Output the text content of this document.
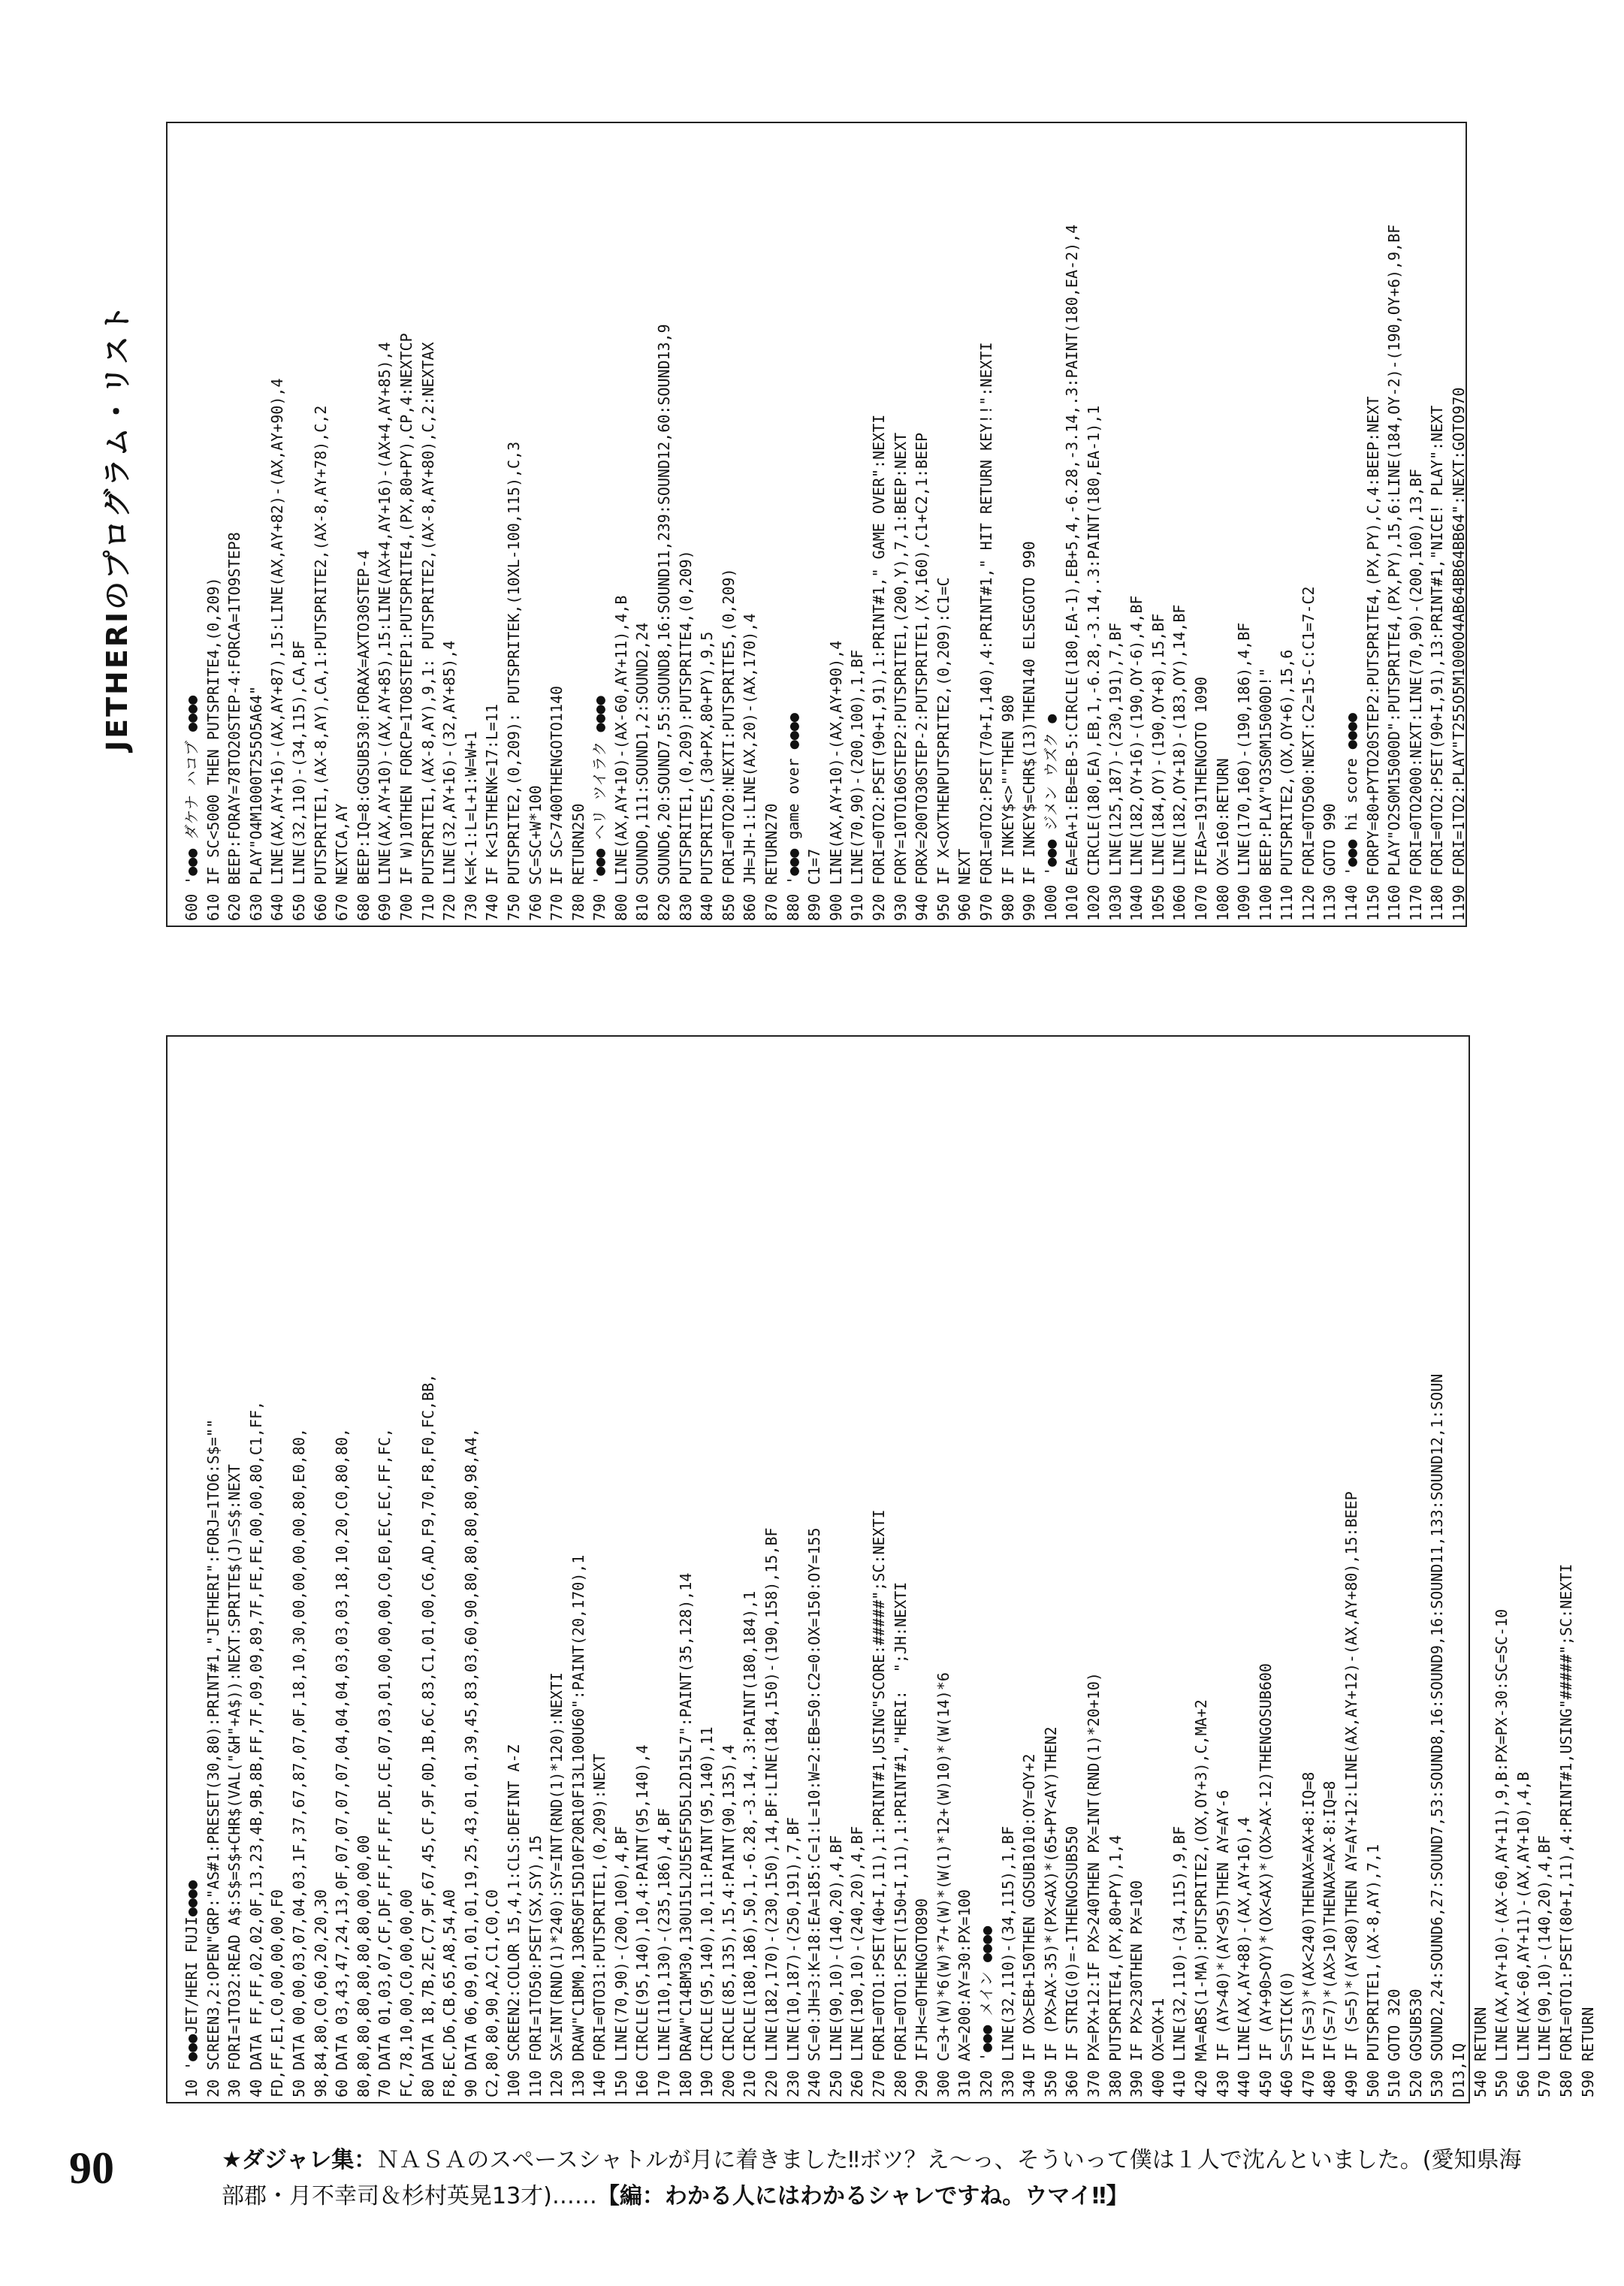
JETHERIのプログラム・リスト
600 '●●● ダケナ ハコブ ●●●●
610 IF SC<5000 THEN PUTSPRITE4,(0,209)
620 BEEP:FORAY=78TO20STEP-4:FORCA=1TO9STEP8
630 PLAY"O4M1000T255O5A64"
640 LINE(AX,AY+16)-(AX,AY+87),15:LINE(AX,AY+82)-(AX,AY+90),4
650 LINE(32,110)-(34,115),CA,BF
660 PUTSPRITE1,(AX-8,AY),CA,1:PUTSPRITE2,(AX-8,AY+78),C,2
670 NEXTCA,AY
680 BEEP:IQ=8:GOSUB530:FORAX=AXTO30STEP-4
690 LINE(AX,AY+10)-(AX,AY+85),15:LINE(AX+4,AY+16)-(AX+4,AY+85),4
700 IF W)10THEN FORCP=1TO8STEP1:PUTSPRITE4,(PX,80+PY),CP,4:NEXTCP
710 PUTSPRITE1,(AX-8,AY),9,1: PUTSPRITE2,(AX-8,AY+80),C,2:NEXTAX
720 LINE(32,AY+16)-(32,AY+85),4
730 K=K-1:L=L+1:W=W+1
740 IF K<15THENK=17:L=11
750 PUTSPRITE2,(0,209): PUTSPRITEK,(10XL-100,115),C,3
760 SC=SC+W*100
770 IF SC>7400THENGOTO1140
780 RETURN250
790 '●●● ヘリ ツイラク ●●●●
800 LINE(AX,AY+10)-(AX-60,AY+11),4,B
810 SOUND0,111:SOUND1,2:SOUND2,24
820 SOUND6,20:SOUND7,55:SOUND8,16:SOUND11,239:SOUND12,60:SOUND13,9
830 PUTSPRITE1,(0,209):PUTSPRITE4,(0,209)
840 PUTSPRITE5,(30+PX,80+PY),9,5
850 FORI=0TO20:NEXTI:PUTSPRITE5,(0,209)
860 JH=JH-1:LINE(AX,20)-(AX,170),4
870 RETURN270
880 '●●● game over ●●●●
890 C1=7
900 LINE(AX,AY+10)-(AX,AY+90),4
910 LINE(70,90)-(200,100),1,BF
920 FORI=0TO2:PSET(90+I,91),1:PRINT#1," GAME OVER":NEXTI
930 FORY=10TO160STEP2:PUTSPRITE1,(200,Y),7,1:BEEP:NEXT
940 FORX=200TO30STEP-2:PUTSPRITE1,(X,160),C1+C2,1:BEEP
950 IF X<OXTHENPUTSPRITE2,(0,209):C1=C
960 NEXT
970 FORI=0TO2:PSET(70+I,140),4:PRINT#1," HIT RETURN KEY!!":NEXTI
980 IF INKEY$<>""THEN 980
990 IF INKEY$=CHR$(13)THEN140 ELSEGOTO 990
1000 '●●● ジメン ウズク ●
1010 EA=EA+1:EB=EB-5:CIRCLE(180,EA-1),EB+5,4,-6.28,-3.14,.3:PAINT(180,EA-2),4
1020 CIRCLE(180,EA),EB,1,-6.28,-3.14,.3:PAINT(180,EA-1),1
1030 LINE(125,187)-(230,191),7,BF
1040 LINE(182,OY+16)-(190,OY-6),4,BF
1050 LINE(184,OY)-(190,OY+8),15,BF
1060 LINE(182,OY+18)-(183,OY),14,BF
1070 IFEA>=191THENGOTO 1090
1080 OX=160:RETURN
1090 LINE(170,160)-(190,186),4,BF
1100 BEEP:PLAY"O3S0M15000D!"
1110 PUTSPRITE2,(OX,OY+6),15,6
1120 FORI=0TO500:NEXT:C2=15-C:C1=7-C2
1130 GOTO 990
1140 '●●● hi score ●●●●
1150 FORPY=80+PYTO20STEP2:PUTSPRITE4,(PX,PY),C,4:BEEP:NEXT
1160 PLAY"O2S0M15000D":PUTSPRITE4,(PX,PY),15,6:LINE(184,OY-2)-(190,OY+6),9,BF
1170 FORI=0TO2000:NEXT:LINE(70,90)-(200,100),13,BF
1180 FORI=0TO2:PSET(90+I,91),13:PRINT#1,"NICE! PLAY":NEXT
1190 FORI=1TO2:PLAY"T255O5M1000O4AB64BB64BB64":NEXT:GOTO970

10 '●●●JET/HERI FUJI●●●●
20 SCREEN3,2:OPEN"GRP:"AS#1:PRESET(30,80):PRINT#1,"JETHERI":FORJ=1TO6:S$=""
30 FORI=1TO32:READ A$:S$=S$+CHR$(VAL("&H"+A$)):NEXT:SPRITE$(J)=S$:NEXT
40 DATA FF,FF,02,02,0F,13,23,4B,9B,8B,FF,7F,09,09,89,7F,FE,FE,00,00,80,C1,FF,
FD,FF,E1,C0,00,00,00,F0
50 DATA 00,00,03,07,04,03,1F,37,67,87,07,0F,18,10,30,00,00,00,00,80,E0,80,
98,84,80,C0,60,20,20,30
60 DATA 03,43,47,24,13,0F,07,07,07,07,04,04,04,03,03,03,18,10,20,C0,80,80,
80,80,80,80,80,80,80,00,00,00
70 DATA 01,03,07,CF,DF,FF,FF,FF,DE,CE,07,03,01,00,00,00,C0,E0,EC,EC,FF,FC,
FC,78,10,00,C0,00,00,00
80 DATA 18,7B,2E,C7,9F,67,45,CF,9F,0D,1B,6C,83,C1,01,00,C6,AD,F9,70,F8,F0,FC,BB,
F8,EC,D6,CB,65,A8,54,A0
90 DATA 06,09,01,01,01,19,25,43,01,01,39,45,83,03,60,90,80,80,80,80,98,A4,
C2,80,80,90,A2,C1,C0,C0
100 SCREEN2:COLOR 15,4,1:CLS:DEFINT A-Z
110 FORI=1TO50:PSET(SX,SY),15
120 SX=INT(RND(1)*240):SY=INT(RND(1)*120):NEXTI
130 DRAW"C1BM0,130R50F15D10F20R10F13L100U60":PAINT(20,170),1
140 FORI=0TO31:PUTSPRITE1,(0,209):NEXT
150 LINE(70,90)-(200,100),4,BF
160 CIRCLE(95,140),10,4:PAINT(95,140),4
170 LINE(110,130)-(235,186),4,BF
180 DRAW"C14BM30,130U15L2U5E5F5D5L2D15L7":PAINT(35,128),14
190 CIRCLE(95,140),10,11:PAINT(95,140),11
200 CIRCLE(85,135),15,4:PAINT(90,135),4
210 CIRCLE(180,186),50,1,-6.28,-3.14,.3:PAINT(180,184),1
220 LINE(182,170)-(230,150),14,BF:LINE(184,150)-(190,158),15,BF
230 LINE(10,187)-(250,191),7,BF
240 SC=0:JH=3:K=18:EA=185:C=1:L=10:W=2:EB=50:C2=0:OX=150:OY=155
250 LINE(90,10)-(140,20),4,BF
260 LINE(190,10)-(240,20),4,BF
270 FORI=0TO1:PSET(40+I,11),1:PRINT#1,USING"SCORE:#####";SC:NEXTI
280 FORI=0TO1:PSET(150+I,11),1:PRINT#1,"HERI:  ";JH:NEXTI
290 IFJH<=0THENGOTO890
300 C=3+(W)*6(W)*7+(W)*(W(1)*12+(W)10)*(W(14)*6
310 AX=200:AY=30:PX=100
320 '●●● メイン ●●●●
330 LINE(32,110)-(34,115),1,BF
340 IF OX>EB+150THEN GOSUB1010:OY=OY+2
350 IF (PX>AX-35)*(PX<AX)*(65+PY<AY)THEN2
360 IF STRIG(0)=-1THENGOSUB550
370 PX=PX+12:IF PX>240THEN PX=INT(RND(1)*20+10)
380 PUTSPRITE4,(PX,80+PY),1,4
390 IF PX>230THEN PX=100
400 OX=OX+1
410 LINE(32,110)-(34,115),9,BF
420 MA=ABS(1-MA):PUTSPRITE2,(OX,OY+3),C,MA+2
430 IF (AY>40)*(AY<95)THEN AY=AY-6
440 LINE(AX,AY+88)-(AX,AY+16),4
450 IF (AY+90>OY)*(OX<AX)*(OX>AX-12)THENGOSUB600
460 S=STICK(0)
470 IF(S=3)*(AX<240)THENAX=AX+8:IQ=8
480 IF(S=7)*(AX>10)THENAX=AX-8:IQ=8
490 IF (S=5)*(AY<80)THEN AY=AY+12:LINE(AX,AY+12)-(AX,AY+80),15:BEEP
500 PUTSPRITE1,(AX-8,AY),7,1
510 GOTO 320
520 GOSUB530
530 SOUND2,24:SOUND6,27:SOUND7,53:SOUND8,16:SOUND9,16:SOUND11,133:SOUND12,1:SOUN
D13,IQ
540 RETURN
550 LINE(AX,AY+10)-(AX-60,AY+11),9,B:PX=PX-30:SC=SC-10
560 LINE(AX-60,AY+11)-(AX,AY+10),4,B
570 LINE(90,10)-(140,20),4,BF
580 FORI=0TO1:PSET(80+I,11),4:PRINT#1,USING"#####";SC:NEXTI
590 RETURN

90	★ダジャレ集：ＮＡＳＡのスペースシャトルが月に着きました‼ボツ？え～っ、そういって僕は１人で沈んといました。(愛知県海部郡・月不幸司＆杉村英晃13才)……【編：わかる人にはわかるシャレですね。ウマイ‼】
